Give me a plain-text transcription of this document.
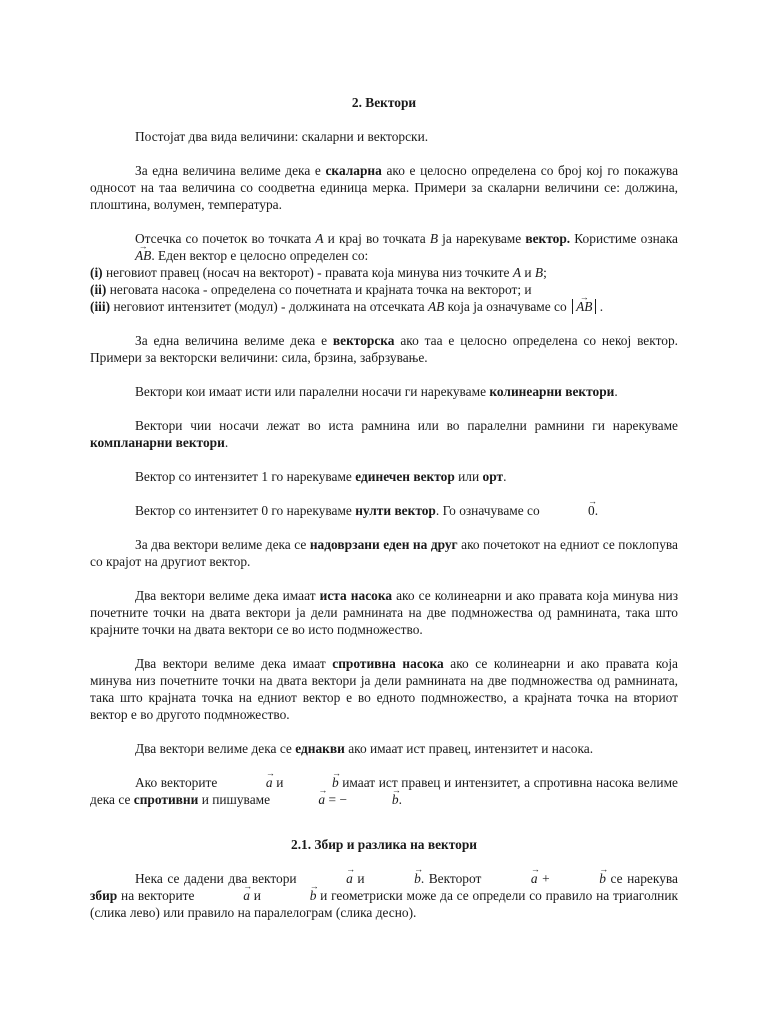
2. Вектори

Постојат два вида величини: скаларни и векторски.

За една величина велиме дека е скаларна ако е целосно определена со број кој го покажува односот на таа величина со соодветна единица мерка. Примери за скаларни величини се: должина, плоштина, волумен, температура.

Отсечка со почеток во точката A и крај во точката B ја нарекуваме вектор. Користиме ознака → AB. Еден вектор е целосно определен со:

(i) неговиот правец (носач на векторот) - правата која минува низ точките A и B;

(ii) неговата насока - определена со почетната и крајната точка на векторот; и

(iii) неговиот интензитет (модул) - должината на отсечката AB која ја означуваме со → AB .

За една величина велиме дека е векторска ако таа е целосно определена со некој вектор. Примери за векторски величини: сила, брзина, забрзување.

Вектори кои имаат исти или паралелни носачи ги нарекуваме колинеарни вектори.

Вектори чии носачи лежат во иста рамнина или во паралелни рамнини ги нарекуваме компланарни вектори.

Вектор со интензитет 1 го нарекуваме единечен вектор или орт.

Вектор со интензитет 0 го нарекуваме нулти вектор. Го означуваме со	→ 0.

За два вектори велиме дека се надоврзани еден на друг ако почетокот на едниот се поклопува со крајот на другиот вектор.

Два вектори велиме дека имаат иста насока ако се колинеарни и ако правата која минува низ почетните точки на двата вектори ја дели рамнината на две подмножества од рамнината, така што крајните точки на двата вектори се во исто подмножество.

Два вектори велиме дека имаат спротивна насока ако се колинеарни и ако правата која минува низ почетните точки на двата вектори ја дели рамнината на две подмножества од рамнината, така што крајната точка на едниот вектор е во едното подмножество, а крајната точка на вториот вектор е во другото подмножество.

Два вектори велиме дека се еднакви ако имаат ист правец, интензитет и насока.

Ако векторите	→ a и	→ b имаат ист правец и интензитет, а спротивна насока велиме дека се спротивни и пишуваме	→ a = −	→ b.

2.1. Збир и разлика на вектори

Нека се дадени два вектори	→ a и	→ b. Векторот	→ a +	→ b се нарекува збир на векторите	→ a и	→ b и геометриски може да се определи со правило на триаголник (слика лево) или правило на паралелограм (слика десно).
